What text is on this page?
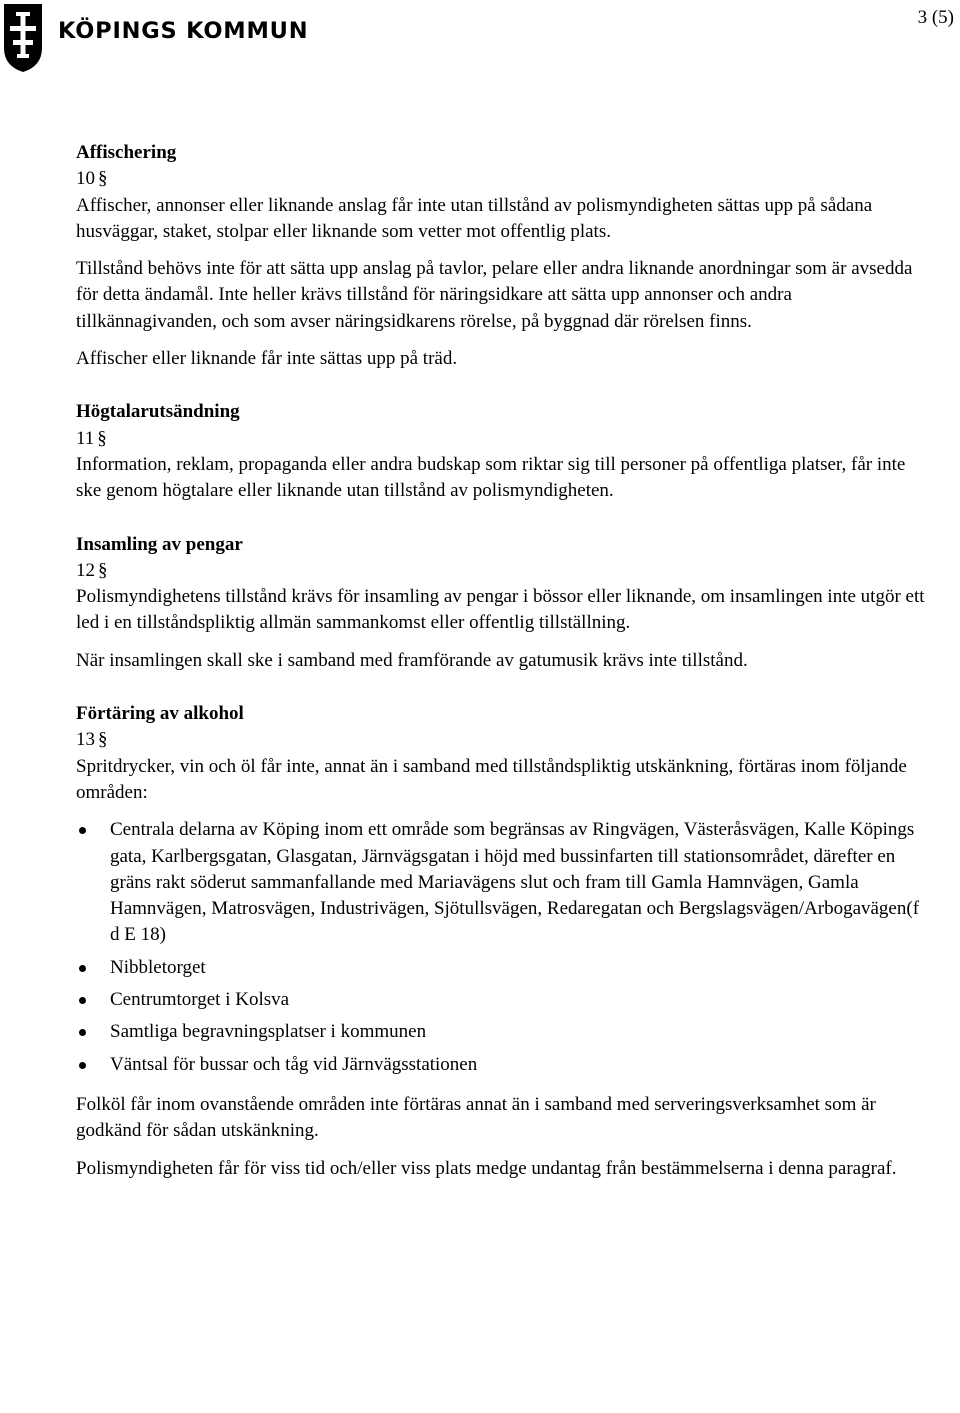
KÖPINGS KOMMUN
3 (5)

Affischering

10 §

Affischer, annonser eller liknande anslag får inte utan tillstånd av polismyndigheten sättas upp på sådana husväggar, staket, stolpar eller liknande som vetter mot offentlig plats.

Tillstånd behövs inte för att sätta upp anslag på tavlor, pelare eller andra liknande anordningar som är avsedda för detta ändamål. Inte heller krävs tillstånd för näringsidkare att sätta upp annonser och andra tillkännagivanden, och som avser näringsidkarens rörelse, på byggnad där rörelsen finns.

Affischer eller liknande får inte sättas upp på träd.

Högtalarutsändning

11 §

Information, reklam, propaganda eller andra budskap som riktar sig till personer på offentliga platser, får inte ske genom högtalare eller liknande utan tillstånd av polismyndigheten.

Insamling av pengar

12 §

Polismyndighetens tillstånd krävs för insamling av pengar i bössor eller liknande, om insamlingen inte utgör ett led i en tillståndspliktig allmän sammankomst eller offentlig tillställning.

När insamlingen skall ske i samband med framförande av gatumusik krävs inte tillstånd.

Förtäring av alkohol

13 §

Spritdrycker, vin och öl får inte, annat än i samband med tillståndspliktig utskänkning, förtäras inom följande områden:

Centrala delarna av Köping inom ett område som begränsas av Ringvägen, Västeråsvägen, Kalle Köpings gata, Karlbergsgatan, Glasgatan, Järnvägsgatan i höjd med bussinfarten till stationsområdet, därefter en gräns rakt söderut sammanfallande med Mariavägens slut och fram till Gamla Hamnvägen, Gamla Hamnvägen, Matrosvägen, Industrivägen, Sjötullsvägen, Redaregatan och Bergslagsvägen/Arbogavägen(f d E 18)
Nibbletorget
Centrumtorget i Kolsva
Samtliga begravningsplatser i kommunen
Väntsal för bussar och tåg vid Järnvägsstationen

Folköl får inom ovanstående områden inte förtäras annat än i samband med serveringsverksamhet som är godkänd för sådan utskänkning.

Polismyndigheten får för viss tid och/eller viss plats medge undantag från bestämmelserna i denna paragraf.
